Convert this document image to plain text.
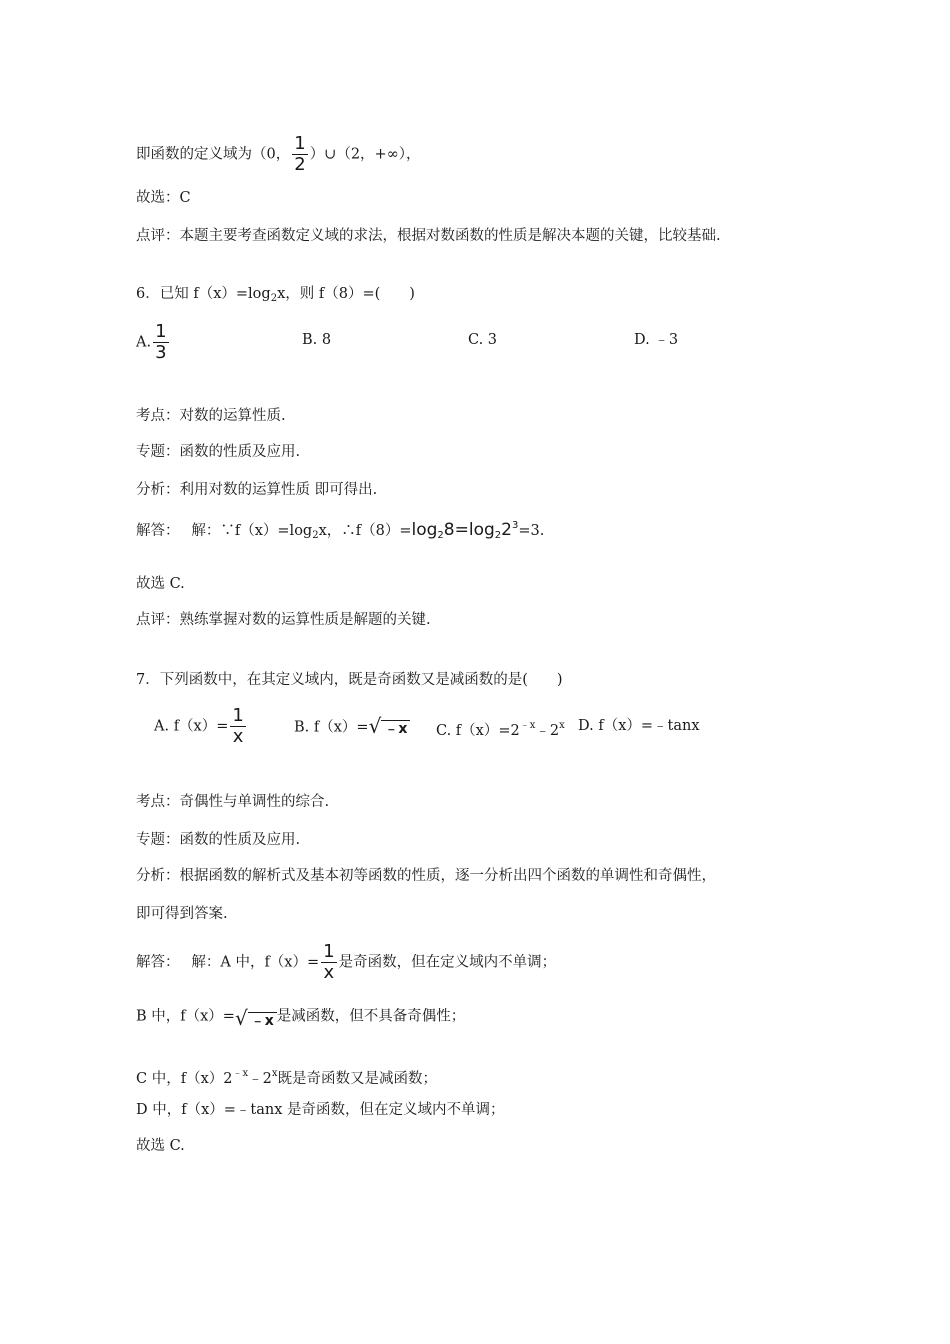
即函数的定义域为（0， $\frac{1}{2}$ ）∪（2，+∞），
故选：C
点评：本题主要考查函数定义域的求法，根据对数函数的性质是解决本题的关键，比较基础.
6．已知 $f(x)=\log_2x$，则 f（8）=(　　)
A. $\frac{1}{3}$	B. 8	C. 3	D. ﹣3
考点：对数的运算性质.
专题：函数的性质及应用.
分析：利用对数的运算性质 即可得出.
解答：　 解：$\because f(x)=\log_2x$，$\therefore f(8)=\log_28=\log_22^3=3$.
故选 C.
点评：熟练掌握对数的运算性质是解题的关键.
7．下列函数中，在其定义域内，既是奇函数又是减函数的是(　　)
A. $f(x)= \frac{1}{x}$	B. f（x）=√ ﹣x C. $f(x)=2^{﹣x}﹣2^x$ D. f（x）=﹣tanx
考点：奇偶性与单调性的综合.
专题：函数的性质及应用.
分析：根据函数的解析式及基本初等函数的性质，逐一分析出四个函数的单调性和奇偶性，
即可得到答案.
解答：　 解：A 中，$f(x)= \frac{1}{x}$ 是奇函数，但在定义域内不单调；
B 中，f（x）=√ ﹣x 是减函数，但不具备奇偶性；
C 中，$f(x)2^{﹣x}﹣2^x$既是奇函数又是减函数；
D 中，f（x）=﹣tanx 是奇函数，但在定义域内不单调；
故选 C.
